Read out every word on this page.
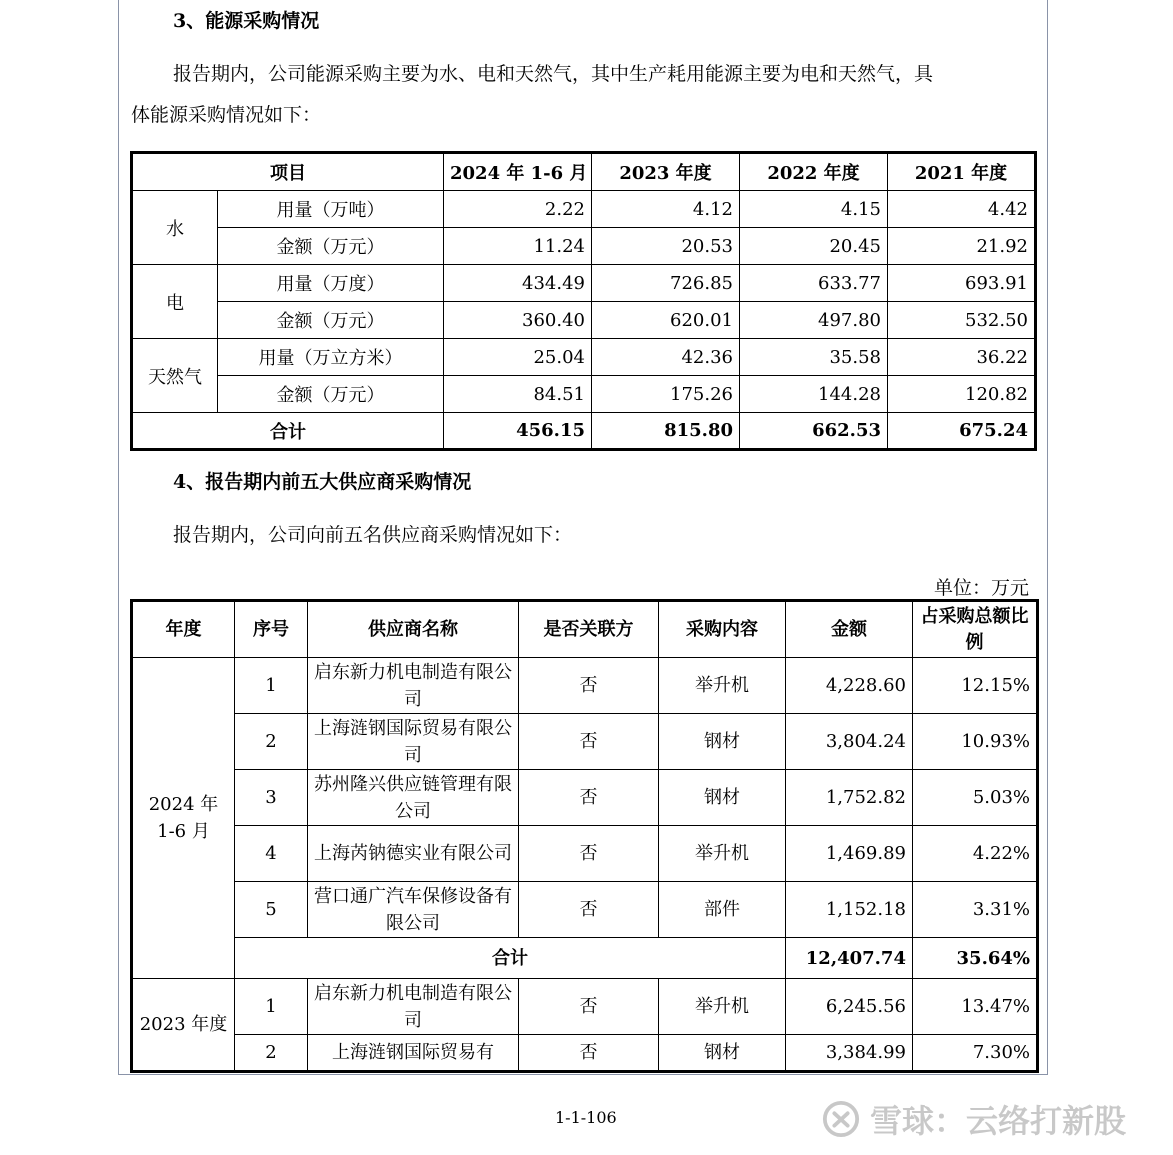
3、能源采购情况
报告期内，公司能源采购主要为水、电和天然气，其中生产耗用能源主要为电和天然气，具
体能源采购情况如下：
项目		2024 年 1-6 月	2023 年度	2022 年度	2021 年度
水	用量（万吨）	2.22	4.12	4.15	4.42
	金额（万元）	11.24	20.53	20.45	21.92
电	用量（万度）	434.49	726.85	633.77	693.91
	金额（万元）	360.40	620.01	497.80	532.50
天然气	用量（万立方米）	25.04	42.36	35.58	36.22
	金额（万元）	84.51	175.26	144.28	120.82
合计		456.15	815.80	662.53	675.24
4、报告期内前五大供应商采购情况
报告期内，公司向前五名供应商采购情况如下：
单位：万元
年度	序号	供应商名称	是否关联方	采购内容	金额	占采购总额比例
2024 年 1-6 月	1	启东新力机电制造有限公司	否	举升机	4,228.60	12.15%
	2	上海涟钢国际贸易有限公司	否	钢材	3,804.24	10.93%
	3	苏州隆兴供应链管理有限公司	否	钢材	1,752.82	5.03%
	4	上海芮钠德实业有限公司	否	举升机	1,469.89	4.22%
	5	营口通广汽车保修设备有限公司	否	部件	1,152.18	3.31%
	合计				12,407.74	35.64%
2023 年度	1	启东新力机电制造有限公司	否	举升机	6,245.56	13.47%
	2	上海涟钢国际贸易有	否	钢材	3,384.99	7.30%
1-1-106	雪球：云络打新股
